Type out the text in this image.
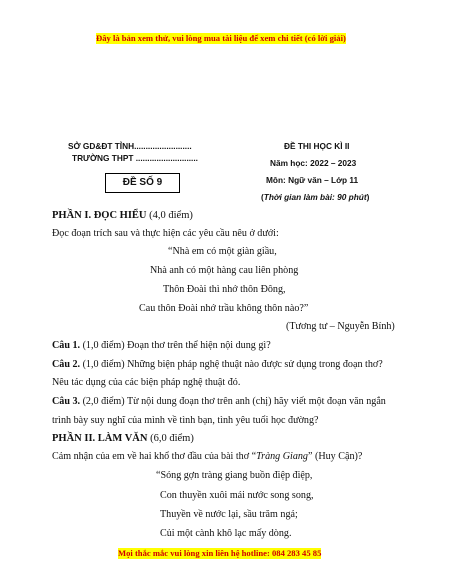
Đây là bản xem thử, vui lòng mua tài liệu để xem chi tiết (có lời giải)
SỞ GD&ĐT TỈNH.........................
TRƯỜNG THPT ...........................
ĐỀ THI HỌC KÌ II
Năm học: 2022 – 2023
Môn: Ngữ văn – Lớp 11
(Thời gian làm bài: 90 phút)
ĐỀ SỐ 9
PHẦN I. ĐỌC HIỂU (4,0 điểm)
Đọc đoạn trích sau và thực hiện các yêu cầu nêu ở dưới:
“Nhà em có một giàn giầu,
Nhà anh có một hàng cau liên phòng
Thôn Đoài thì nhớ thôn Đông,
Cau thôn Đoài nhớ trầu không thôn nào?”
(Tương tư – Nguyễn Bính)
Câu 1. (1,0 điểm) Đoạn thơ trên thể hiện nội dung gì?
Câu 2. (1,0 điểm) Những biện pháp nghệ thuật nào được sử dụng trong đoạn thơ?
Nêu tác dụng của các biện pháp nghệ thuật đó.
Câu 3. (2,0 điểm) Từ nội dung đoạn thơ trên anh (chị) hãy viết một đoạn văn ngắn
trình bày suy nghĩ của mình về tình bạn, tình yêu tuổi học đường?
PHẦN II. LÀM VĂN (6,0 điểm)
Cảm nhận của em về hai khổ thơ đầu của bài thơ “Tràng Giang” (Huy Cận)?
“Sóng gợn tràng giang buồn điệp điệp,
Con thuyền xuôi mái nước song song,
Thuyền về nước lại, sầu trăm ngả;
Củi một cành khô lạc mấy dòng.
Mọi thắc mắc vui lòng xin liên hệ hotline: 084 283 45 85
